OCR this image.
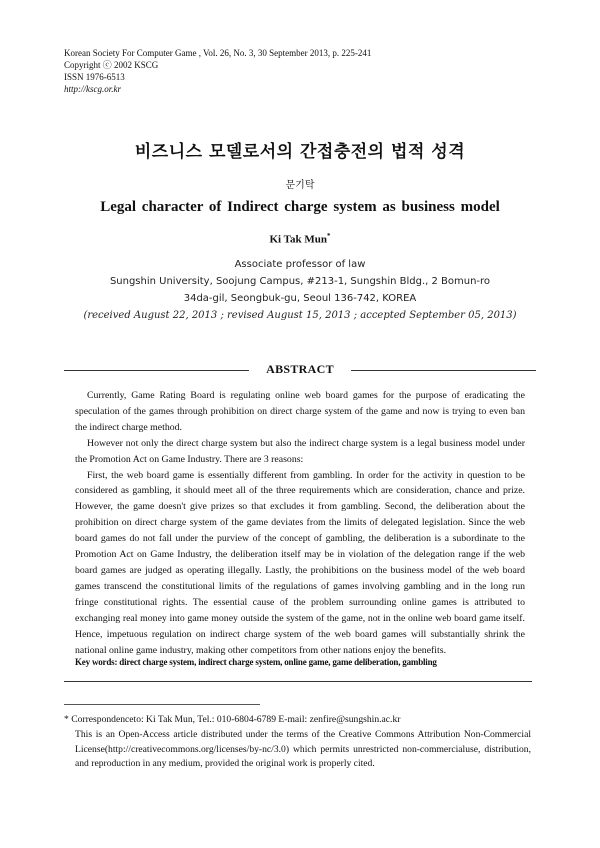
Korean Society For Computer Game , Vol. 26, No. 3, 30 September 2013, p. 225-241
Copyright ⓒ 2002 KSCG
ISSN 1976-6513
http://kscg.or.kr
비즈니스 모델로서의 간접충전의 법적 성격
문기탁
Legal character of Indirect charge system as business model
Ki Tak Mun*
Associate professor of law
Sungshin University, Soojung Campus, #213-1, Sungshin Bldg., 2 Bomun-ro
34da-gil, Seongbuk-gu, Seoul 136-742, KOREA
(received August 22, 2013 ; revised August 15, 2013 ; accepted September 05, 2013)
ABSTRACT

Currently, Game Rating Board is regulating online web board games for the purpose of eradicating the speculation of the games through prohibition on direct charge system of the game and now is trying to even ban the indirect charge method.

However not only the direct charge system but also the indirect charge system is a legal business model under the Promotion Act on Game Industry. There are 3 reasons:

First, the web board game is essentially different from gambling. In order for the activity in question to be considered as gambling, it should meet all of the three requirements which are consideration, chance and prize. However, the game doesn't give prizes so that excludes it from gambling. Second, the deliberation about the prohibition on direct charge system of the game deviates from the limits of delegated legislation. Since the web board games do not fall under the purview of the concept of gambling, the deliberation is a subordinate to the Promotion Act on Game Industry, the deliberation itself may be in violation of the delegation range if the web board games are judged as operating illegally. Lastly, the prohibitions on the business model of the web board games transcend the constitutional limits of the regulations of games involving gambling and in the long run fringe constitutional rights. The essential cause of the problem surrounding online games is attributed to exchanging real money into game money outside the system of the game, not in the online web board game itself. Hence, impetuous regulation on indirect charge system of the web board games will substantially shrink the national online game industry, making other competitors from other nations enjoy the benefits.

Key words: direct charge system, indirect charge system, online game, game deliberation, gambling
* Correspondenceto: Ki Tak Mun, Tel.: 010-6804-6789 E-mail: zenfire@sungshin.ac.kr
This is an Open-Access article distributed under the terms of the Creative Commons Attribution Non-Commercial License(http://creativecommons.org/licenses/by-nc/3.0) which permits unrestricted non-commercialuse, distribution, and reproduction in any medium, provided the original work is properly cited.
